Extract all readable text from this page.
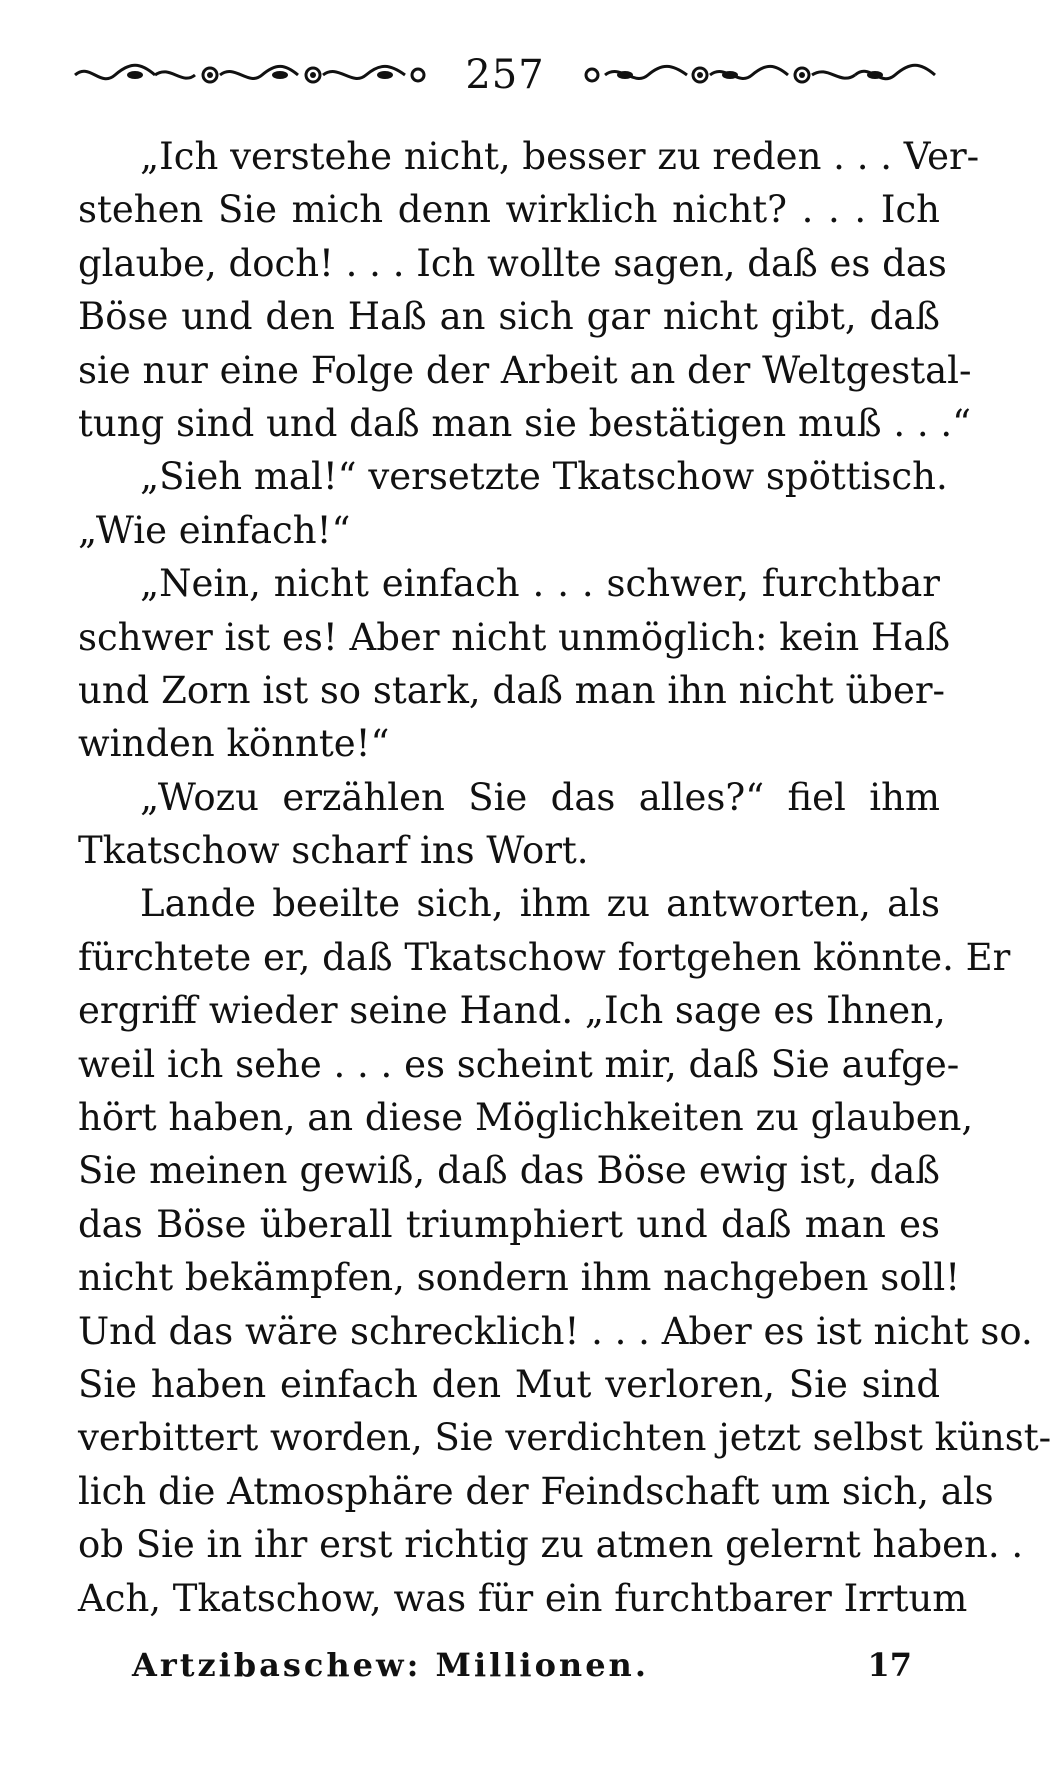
257
„Ich verstehe nicht, besser zu reden . . . Ver-
stehen Sie mich denn wirklich nicht? . . . Ich
glaube, doch! . . . Ich wollte sagen, daß es das
Böse und den Haß an sich gar nicht gibt, daß
sie nur eine Folge der Arbeit an der Weltgestal-
tung sind und daß man sie bestätigen muß . . .“
„Sieh mal!“ versetzte Tkatschow spöttisch.
„Wie einfach!“
„Nein, nicht einfach . . . schwer, furchtbar
schwer ist es! Aber nicht unmöglich: kein Haß
und Zorn ist so stark, daß man ihn nicht über-
winden könnte!“
„Wozu erzählen Sie das alles?“ fiel ihm
Tkatschow scharf ins Wort.
Lande beeilte sich, ihm zu antworten, als
fürchtete er, daß Tkatschow fortgehen könnte. Er
ergriff wieder seine Hand. „Ich sage es Ihnen,
weil ich sehe . . . es scheint mir, daß Sie aufge-
hört haben, an diese Möglichkeiten zu glauben,
Sie meinen gewiß, daß das Böse ewig ist, daß
das Böse überall triumphiert und daß man es
nicht bekämpfen, sondern ihm nachgeben soll!
Und das wäre schrecklich! . . . Aber es ist nicht so.
Sie haben einfach den Mut verloren, Sie sind
verbittert worden, Sie verdichten jetzt selbst künst-
lich die Atmosphäre der Feindschaft um sich, als
ob Sie in ihr erst richtig zu atmen gelernt haben. .
Ach, Tkatschow, was für ein furchtbarer Irrtum
Artzibaschew: Millionen.	17
